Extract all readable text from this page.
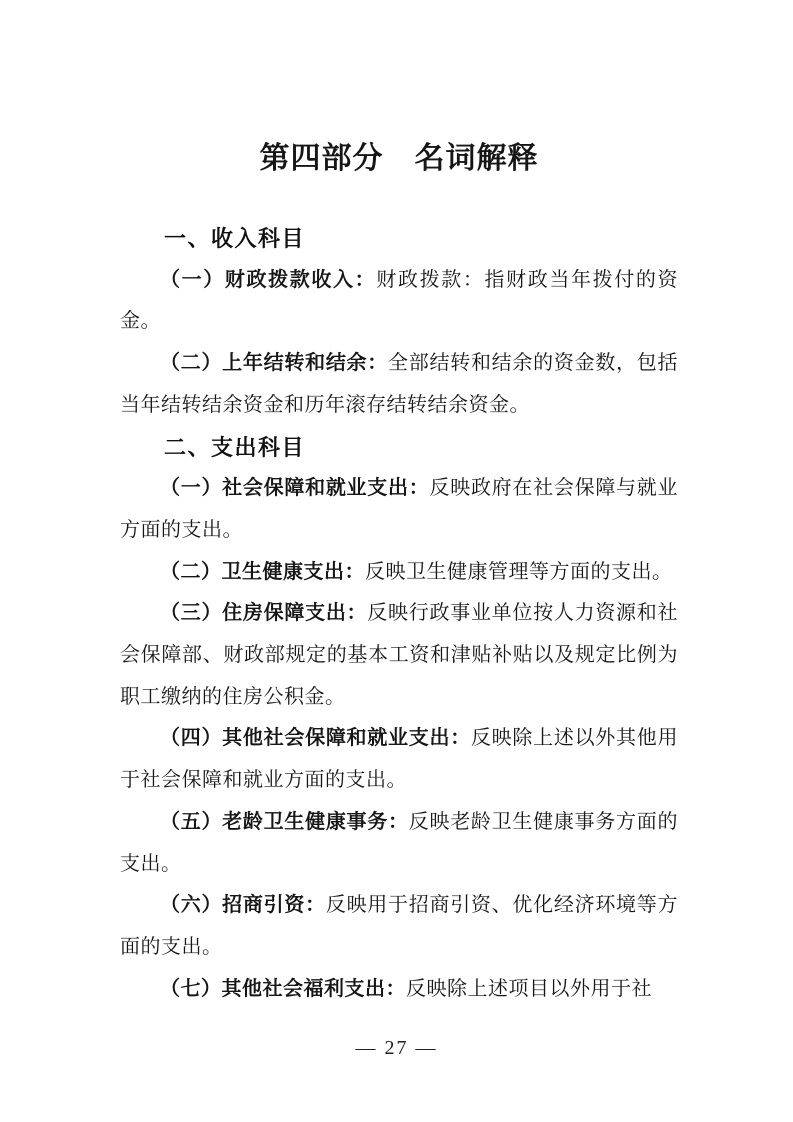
第四部分　名词解释
一、收入科目

（一）财政拨款收入：财政拨款：指财政当年拨付的资金。

（二）上年结转和结余：全部结转和结余的资金数，包括当年结转结余资金和历年滚存结转结余资金。

二、支出科目

（一）社会保障和就业支出：反映政府在社会保障与就业方面的支出。

（二）卫生健康支出：反映卫生健康管理等方面的支出。

（三）住房保障支出：反映行政事业单位按人力资源和社会保障部、财政部规定的基本工资和津贴补贴以及规定比例为职工缴纳的住房公积金。

（四）其他社会保障和就业支出：反映除上述以外其他用于社会保障和就业方面的支出。

（五）老龄卫生健康事务：反映老龄卫生健康事务方面的支出。

（六）招商引资：反映用于招商引资、优化经济环境等方面的支出。

（七）其他社会福利支出：反映除上述项目以外用于社

— 27 —
